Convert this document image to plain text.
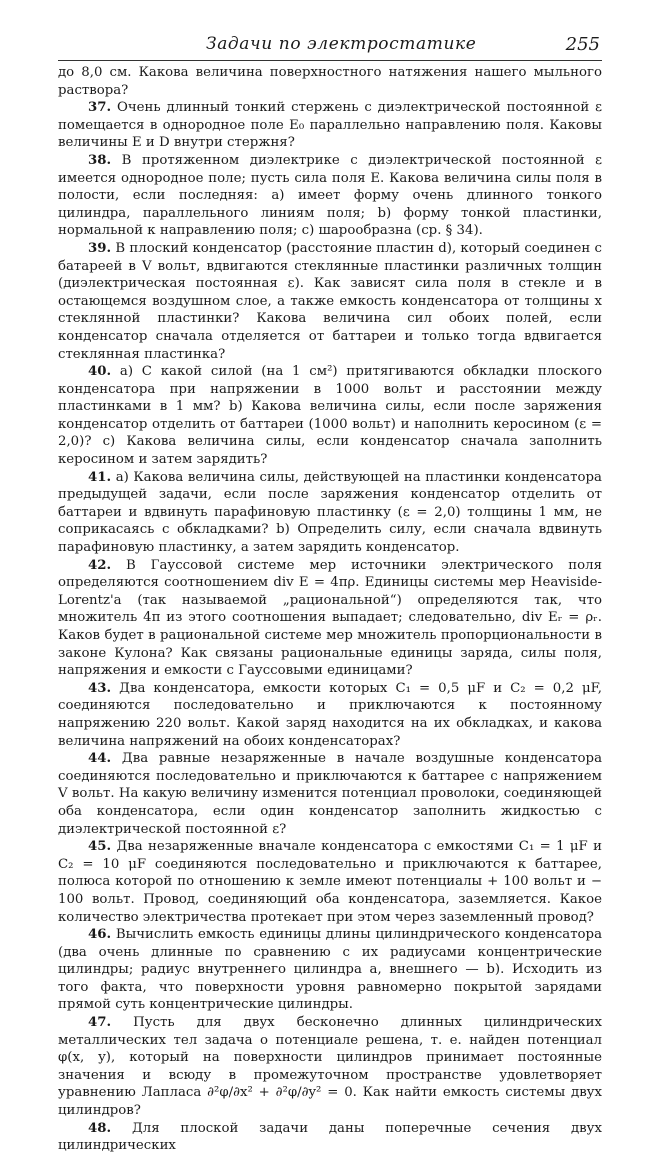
Задачи по электростатике	255

до 8,0 см. Какова величина поверхностного натяжения нашего мыльного раствора?

37. Очень длинный тонкий стержень с диэлектрической постоянной ε помещается в однородное поле E₀ параллельно направлению поля. Каковы величины E и D внутри стержня?

38. В протяженном диэлектрике с диэлектрической постоянной ε имеется однородное поле; пусть сила поля E. Какова величина силы поля в полости, если последняя: a) имеет форму очень длинного тонкого цилиндра, параллельного линиям поля; b) форму тонкой пластинки, нормальной к направлению поля; c) шарообразна (ср. § 34).

39. В плоский конденсатор (расстояние пластин d), который соединен с батареей в V вольт, вдвигаются стеклянные пластинки различных толщин (диэлектрическая постоянная ε). Как зависят сила поля в стекле и в остающемся воздушном слое, а также емкость конденсатора от толщины x стеклянной пластинки? Какова величина сил обоих полей, если конденсатор сначала отделяется от баттареи и только тогда вдвигается стеклянная пластинка?

40. a) С какой силой (на 1 см²) притягиваются обкладки плоского конденсатора при напряжении в 1000 вольт и расстоянии между пластинками в 1 мм? b) Какова величина силы, если после заряжения конденсатор отделить от баттареи (1000 вольт) и наполнить керосином (ε = 2,0)? c) Какова величина силы, если конденсатор сначала заполнить керосином и затем зарядить?

41. a) Какова величина силы, действующей на пластинки конденсатора предыдущей задачи, если после заряжения конденсатор отделить от баттареи и вдвинуть парафиновую пластинку (ε = 2,0) толщины 1 мм, не соприкасаясь с обкладками? b) Определить силу, если сначала вдвинуть парафиновую пластинку, а затем зарядить конденсатор.

42. В Гауссовой системе мер источники электрического поля определяются соотношением div E = 4πρ. Единицы системы мер Heaviside-Lorentz'a (так называемой „рациональной“) определяются так, что множитель 4π из этого соотношения выпадает; следовательно, div Eᵣ = ρᵣ. Каков будет в рациональной системе мер множитель пропорциональности в законе Кулона? Как связаны рациональные единицы заряда, силы поля, напряжения и емкости с Гауссовыми единицами?

43. Два конденсатора, емкости которых C₁ = 0,5 μF и C₂ = 0,2 μF, соединяются последовательно и приключаются к постоянному напряжению 220 вольт. Какой заряд находится на их обкладках, и какова величина напряжений на обоих конденсаторах?

44. Два равные незаряженные в начале воздушные конденсатора соединяются последовательно и приключаются к баттарее с напряжением V вольт. На какую величину изменится потенциал проволоки, соединяющей оба конденсатора, если один конденсатор заполнить жидкостью с диэлектрической постоянной ε?

45. Два незаряженные вначале конденсатора с емкостями C₁ = 1 μF и C₂ = 10 μF соединяются последовательно и приключаются к баттарее, полюса которой по отношению к земле имеют потенциалы + 100 вольт и − 100 вольт. Провод, соединяющий оба конденсатора, заземляется. Какое количество электричества протекает при этом через заземленный провод?

46. Вычислить емкость единицы длины цилиндрического конденсатора (два очень длинные по сравнению с их радиусами концентрические цилиндры; радиус внутреннего цилиндра a, внешнего — b). Исходить из того факта, что поверхности уровня равномерно покрытой зарядами прямой суть концентрические цилиндры.

47. Пусть для двух бесконечно длинных цилиндрических металлических тел задача о потенциале решена, т. е. найден потенциал φ(x, y), который на поверхности цилиндров принимает постоянные значения и всюду в промежуточном пространстве удовлетворяет уравнению Лапласа ∂²φ/∂x² + ∂²φ/∂y² = 0. Как найти емкость системы двух цилиндров?

48. Для плоской задачи даны поперечные сечения двух цилиндрических
